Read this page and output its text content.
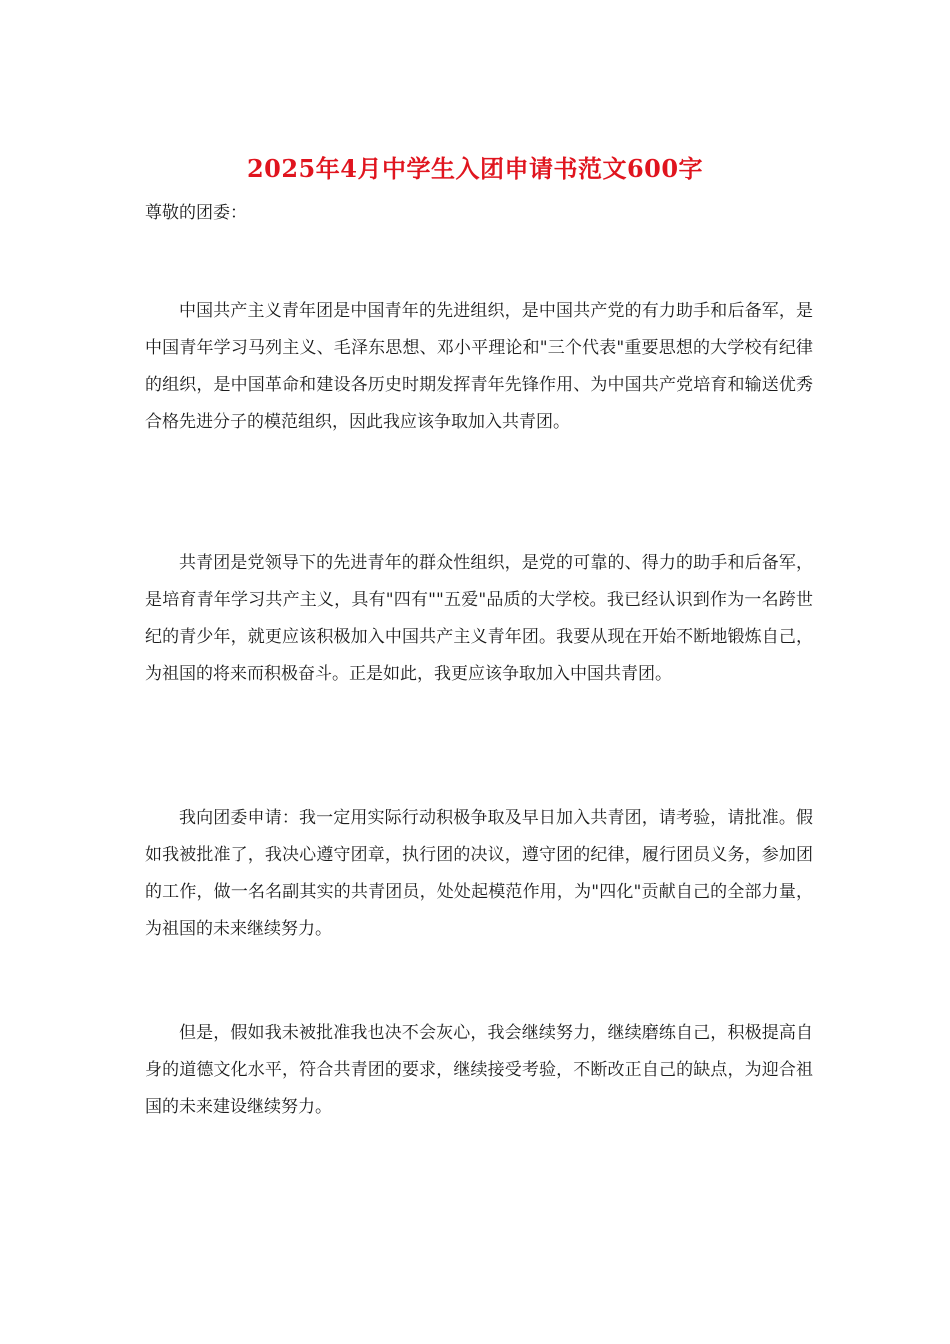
2025年4月中学生入团申请书范文600字
尊敬的团委：

中国共产主义青年团是中国青年的先进组织，是中国共产党的有力助手和后备军，是中国青年学习马列主义、毛泽东思想、邓小平理论和"三个代表"重要思想的大学校有纪律的组织，是中国革命和建设各历史时期发挥青年先锋作用、为中国共产党培育和输送优秀合格先进分子的模范组织，因此我应该争取加入共青团。

共青团是党领导下的先进青年的群众性组织，是党的可靠的、得力的助手和后备军，是培育青年学习共产主义，具有"四有""五爱"品质的大学校。我已经认识到作为一名跨世纪的青少年，就更应该积极加入中国共产主义青年团。我要从现在开始不断地锻炼自己，为祖国的将来而积极奋斗。正是如此，我更应该争取加入中国共青团。

我向团委申请：我一定用实际行动积极争取及早日加入共青团，请考验，请批准。假如我被批准了，我决心遵守团章，执行团的决议，遵守团的纪律，履行团员义务，参加团的工作，做一名名副其实的共青团员，处处起模范作用，为"四化"贡献自己的全部力量，为祖国的未来继续努力。

但是，假如我未被批准我也决不会灰心，我会继续努力，继续磨练自己，积极提高自身的道德文化水平，符合共青团的要求，继续接受考验，不断改正自己的缺点，为迎合祖国的未来建设继续努力。
